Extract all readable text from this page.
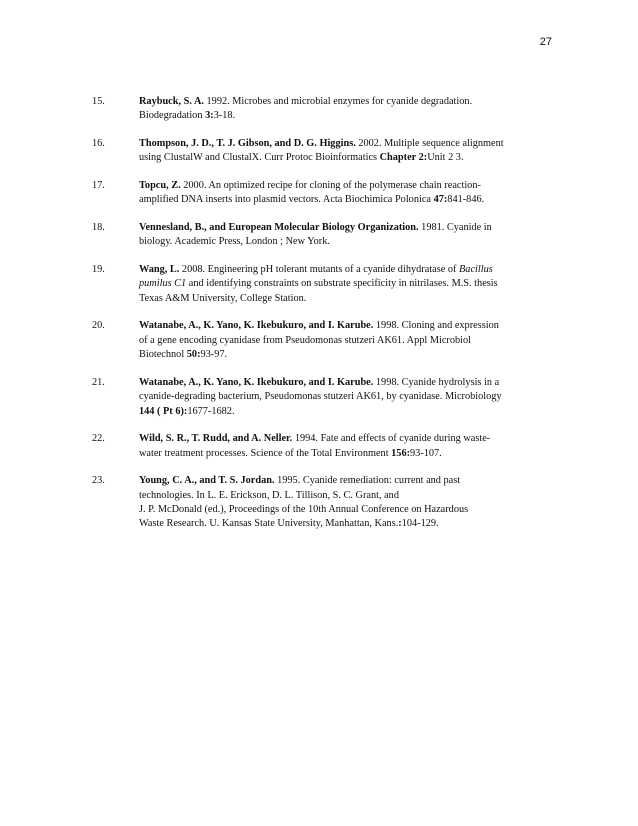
27
15.	Raybuck, S. A. 1992. Microbes and microbial enzymes for cyanide degradation.
Biodegradation 3:3-18.
16.	Thompson, J. D., T. J. Gibson, and D. G. Higgins. 2002. Multiple sequence alignment
using ClustalW and ClustalX. Curr Protoc Bioinformatics Chapter 2:Unit 2 3.
17.	Topcu, Z. 2000. An optimized recipe for cloning of the polymerase chain reaction-
amplified DNA inserts into plasmid vectors. Acta Biochimica Polonica 47:841-846.
18.	Vennesland, B., and European Molecular Biology Organization. 1981. Cyanide in
biology. Academic Press, London ; New York.
19.	Wang, L. 2008. Engineering pH tolerant mutants of a cyanide dihydratase of Bacillus
pumilus C1 and identifying constraints on substrate specificity in nitrilases. M.S. thesis
Texas A&M University, College Station.
20.	Watanabe, A., K. Yano, K. Ikebukuro, and I. Karube. 1998. Cloning and expression
of a gene encoding cyanidase from Pseudomonas stutzeri AK61. Appl Microbiol
Biotechnol 50:93-97.
21.	Watanabe, A., K. Yano, K. Ikebukuro, and I. Karube. 1998. Cyanide hydrolysis in a
cyanide-degrading bacterium, Pseudomonas stutzeri AK61, by cyanidase. Microbiology
144 ( Pt 6):1677-1682.
22.	Wild, S. R., T. Rudd, and A. Neller. 1994. Fate and effects of cyanide during waste-
water treatment processes. Science of the Total Environment 156:93-107.
23.	Young, C. A., and T. S. Jordan. 1995. Cyanide remediation: current and past
technologies. In L. E. Erickson, D. L. Tillison, S. C. Grant, and
J. P. McDonald (ed.), Proceedings of the 10th Annual Conference on Hazardous
Waste Research. U. Kansas State University, Manhattan, Kans.:104-129.
